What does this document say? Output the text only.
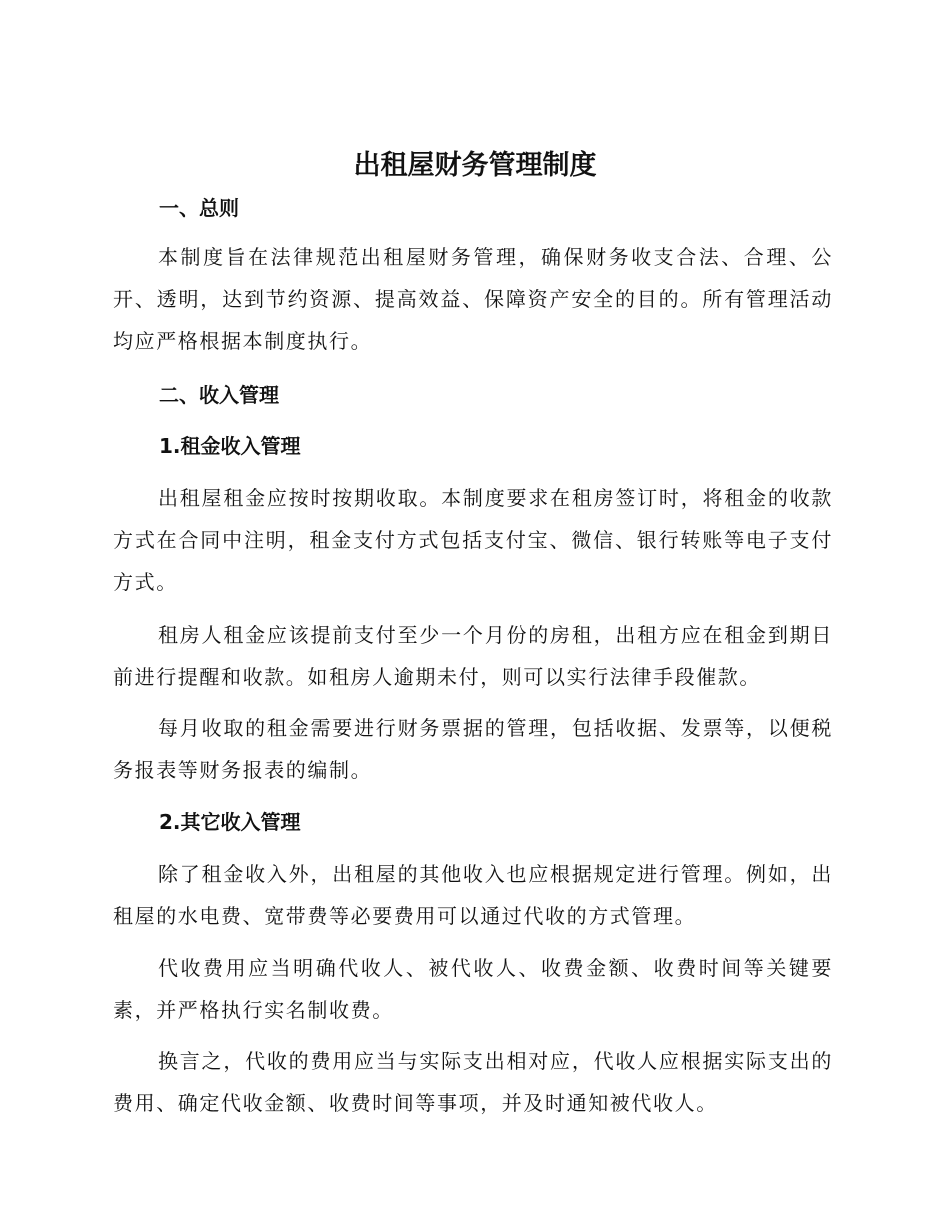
出租屋财务管理制度
一、总则

本制度旨在法律规范出租屋财务管理，确保财务收支合法、合理、公开、透明，达到节约资源、提高效益、保障资产安全的目的。所有管理活动均应严格根据本制度执行。

二、收入管理
1.租金收入管理

出租屋租金应按时按期收取。本制度要求在租房签订时，将租金的收款方式在合同中注明，租金支付方式包括支付宝、微信、银行转账等电子支付方式。

租房人租金应该提前支付至少一个月份的房租，出租方应在租金到期日前进行提醒和收款。如租房人逾期未付，则可以实行法律手段催款。

每月收取的租金需要进行财务票据的管理，包括收据、发票等，以便税务报表等财务报表的编制。

2.其它收入管理

除了租金收入外，出租屋的其他收入也应根据规定进行管理。例如，出租屋的水电费、宽带费等必要费用可以通过代收的方式管理。

代收费用应当明确代收人、被代收人、收费金额、收费时间等关键要素，并严格执行实名制收费。

换言之，代收的费用应当与实际支出相对应，代收人应根据实际支出的费用、确定代收金额、收费时间等事项，并及时通知被代收人。
